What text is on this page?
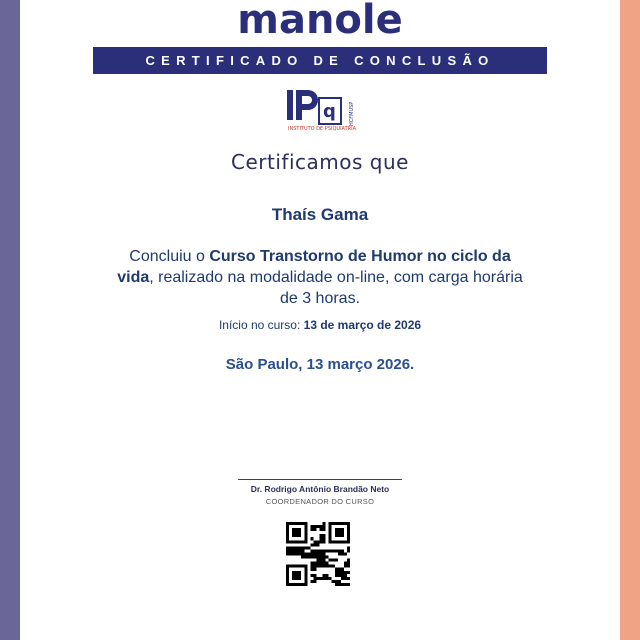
manole
CERTIFICADO DE CONCLUSÃO
q
INSTITUTO DE PSIQUIATRIA
HCFMUSP
Certificamos que
Thaís Gama
Concluiu o Curso Transtorno de Humor no ciclo da vida, realizado na modalidade on-line, com carga horária de 3 horas.
Início no curso: 13 de março de 2026
São Paulo, 13 março 2026.
Dr. Rodrigo Antônio Brandão Neto
COORDENADOR DO CURSO
